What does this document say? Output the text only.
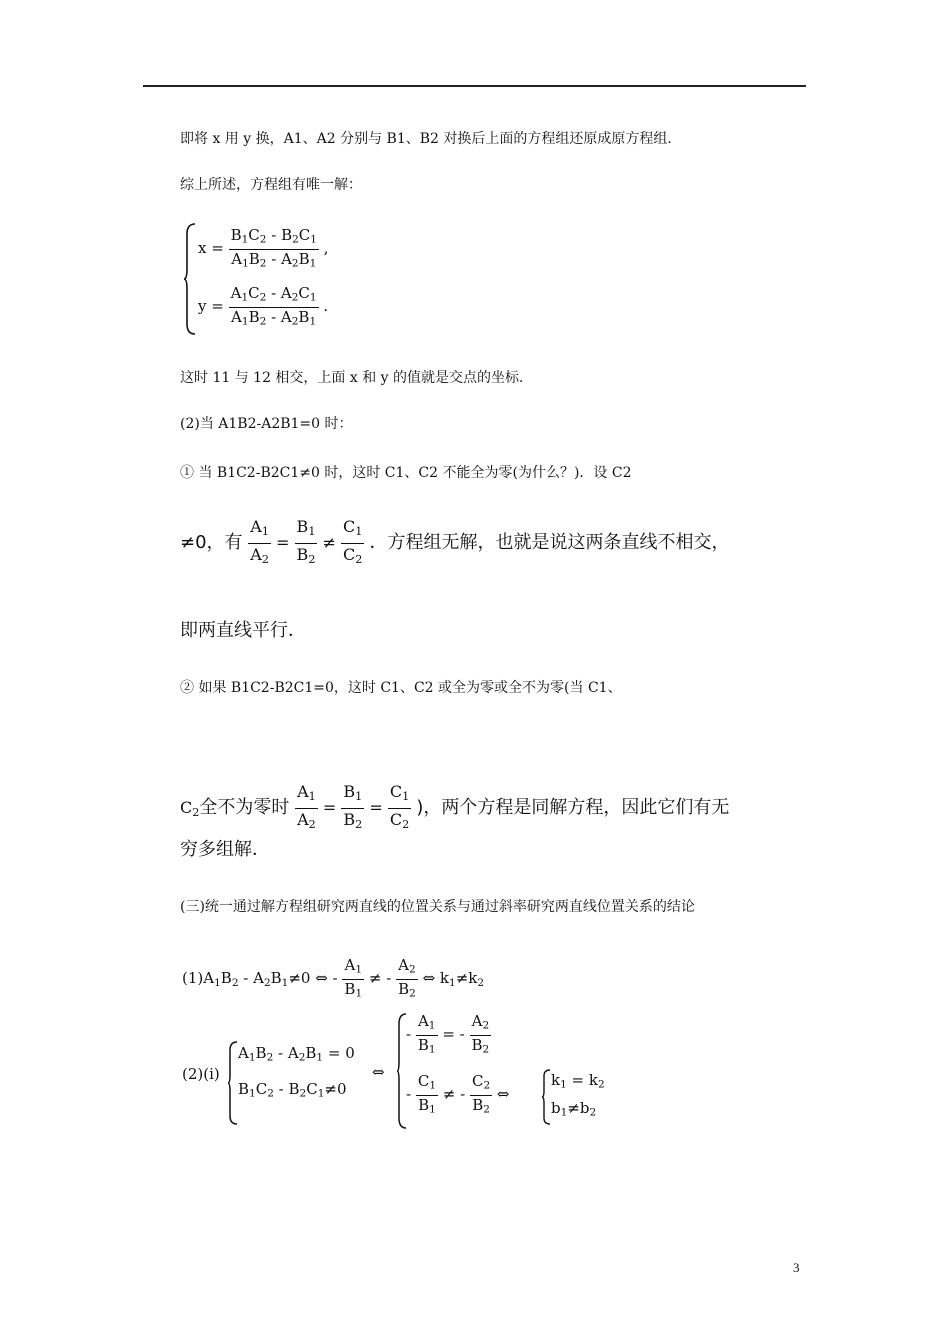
即将 x 用 y 换，A1、A2 分别与 B1、B2 对换后上面的方程组还原成原方程组．
综上所述，方程组有唯一解：
$x = \frac{B_1C_2 - B_2C_1}{A_1B_2 - A_2B_1}$ ,
$y = \frac{A_1C_2 - A_2C_1}{A_1B_2 - A_2B_1}$ .
这时 11 与 12 相交，上面 x 和 y 的值就是交点的坐标．
(2)当 A1B2-A2B1=0 时：
① 当 B1C2-B2C1≠0 时，这时 C1、C2 不能全为零(为什么？)．设 C2
≠0，有 $\frac{A_1}{A_2} = \frac{B_1}{B_2} \ne \frac{C_1}{C_2}$ ．方程组无解，也就是说这两条直线不相交，
即两直线平行．
② 如果 B1C2-B2C1=0，这时 C1、C2 或全为零或全不为零(当 C1、
$C_2$全不为零时 $\frac{A_1}{A_2} = \frac{B_1}{B_2} = \frac{C_1}{C_2}$ )，两个方程是同解方程，因此它们有无
穷多组解．
(三)统一通过解方程组研究两直线的位置关系与通过斜率研究两直线位置关系的结论
$(1)A_1B_2 - A_2B_1\ne 0$ ⇔ - $\frac{A_1}{B_1}$ ≠ - $\frac{A_2}{B_2}$ ⇔ $k_1\ne k_2$
(2)(i)
$A_1B_2 - A_2B_1 = 0$
$B_1C_2 - B_2C_1\ne 0$
⇔
- $\frac{A_1}{B_1}$ = - $\frac{A_2}{B_2}$
- $\frac{C_1}{B_1}$ ≠ - $\frac{C_2}{B_2}$ ⇔
$k_1 = k_2$
$b_1\ne b_2$
3
